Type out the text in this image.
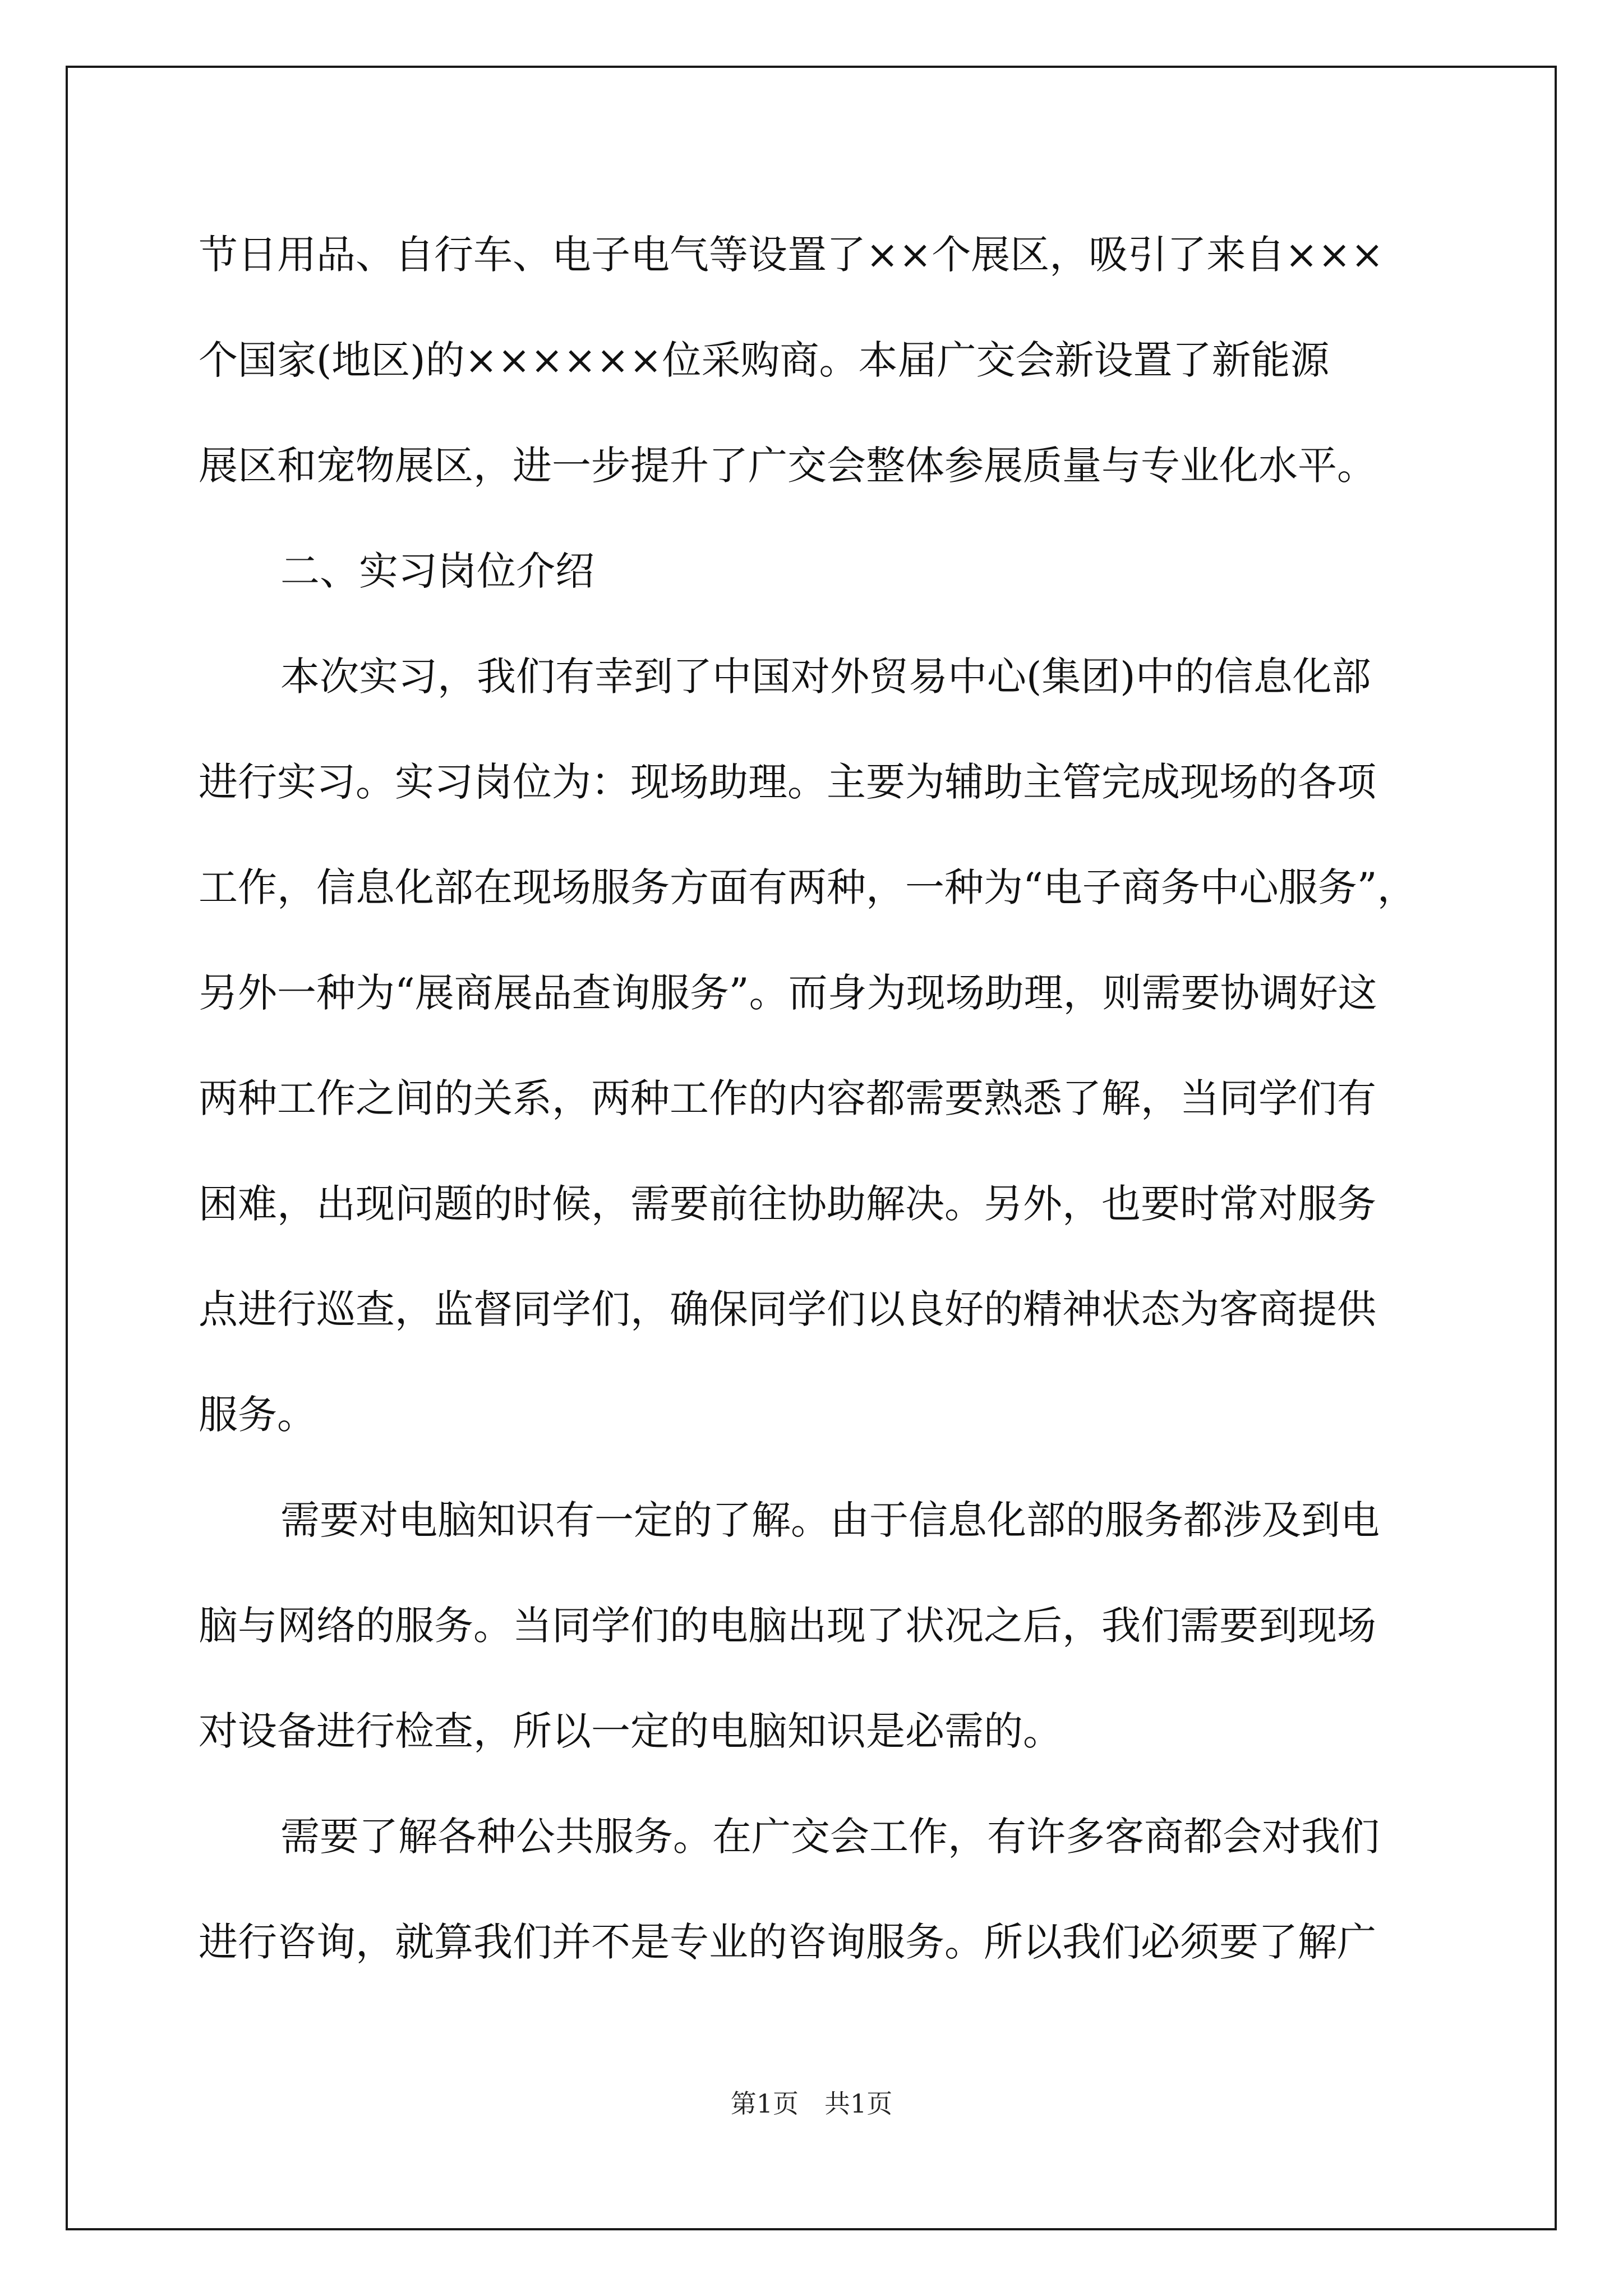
节日用品、自行车、电子电气等设置了××个展区，吸引了来自×××
个国家(地区)的××××××位采购商。本届广交会新设置了新能源
展区和宠物展区，进一步提升了广交会整体参展质量与专业化水平。
二、实习岗位介绍
本次实习，我们有幸到了中国对外贸易中心(集团)中的信息化部
进行实习。实习岗位为：现场助理。主要为辅助主管完成现场的各项
工作，信息化部在现场服务方面有两种，一种为“电子商务中心服务”，
另外一种为“展商展品查询服务”。而身为现场助理，则需要协调好这
两种工作之间的关系，两种工作的内容都需要熟悉了解，当同学们有
困难，出现问题的时候，需要前往协助解决。另外，也要时常对服务
点进行巡查，监督同学们，确保同学们以良好的精神状态为客商提供
服务。
需要对电脑知识有一定的了解。由于信息化部的服务都涉及到电
脑与网络的服务。当同学们的电脑出现了状况之后，我们需要到现场
对设备进行检查，所以一定的电脑知识是必需的。
需要了解各种公共服务。在广交会工作，有许多客商都会对我们
进行咨询，就算我们并不是专业的咨询服务。所以我们必须要了解广
第1页　共1页
